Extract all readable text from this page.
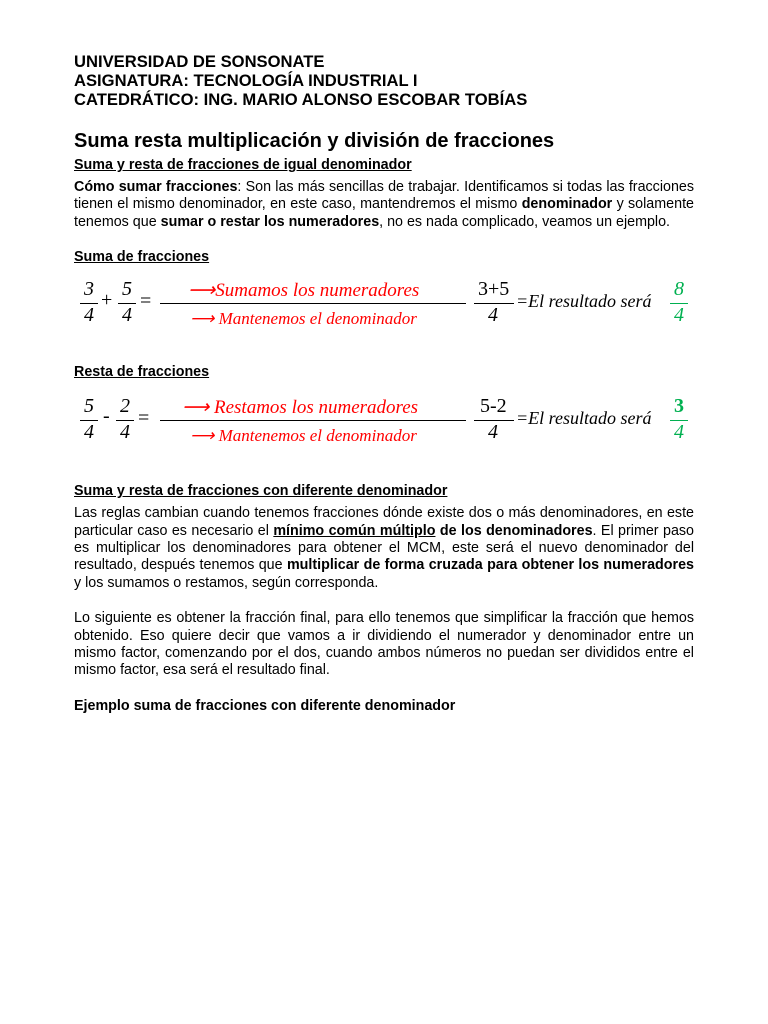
UNIVERSIDAD DE SONSONATE

ASIGNATURA: TECNOLOGÍA INDUSTRIAL I

CATEDRÁTICO: ING. MARIO ALONSO ESCOBAR TOBÍAS

Suma resta multiplicación y división de fracciones

Suma y resta de fracciones de igual denominador

Cómo sumar fracciones: Son las más sencillas de trabajar. Identificamos si todas las fracciones tienen el mismo denominador, en este caso, mantendremos el mismo denominador y solamente tenemos que sumar o restar los numeradores, no es nada complicado, veamos un ejemplo.

Suma de fracciones

3
4
+ 5
4
= ⟶Sumamos los numeradores
⟶ Mantenemos el denominador
3+5
4
=El resultado será
8
4

Resta de fracciones

5
4
- 2
4
= ⟶ Restamos los numeradores
⟶ Mantenemos el denominador
5-2
4
=El resultado será
3
4

Suma y resta de fracciones con diferente denominador

Las reglas cambian cuando tenemos fracciones dónde existe dos o más denominadores, en este particular caso es necesario el mínimo común múltiplo de los denominadores. El primer paso es multiplicar los denominadores para obtener el MCM, este será el nuevo denominador del resultado, después tenemos que multiplicar de forma cruzada para obtener los numeradores y los sumamos o restamos, según corresponda.

Lo siguiente es obtener la fracción final, para ello tenemos que simplificar la fracción que hemos obtenido. Eso quiere decir que vamos a ir dividiendo el numerador y denominador entre un mismo factor, comenzando por el dos, cuando ambos números no puedan ser divididos entre el mismo factor, esa será el resultado final.

Ejemplo suma de fracciones con diferente denominador
